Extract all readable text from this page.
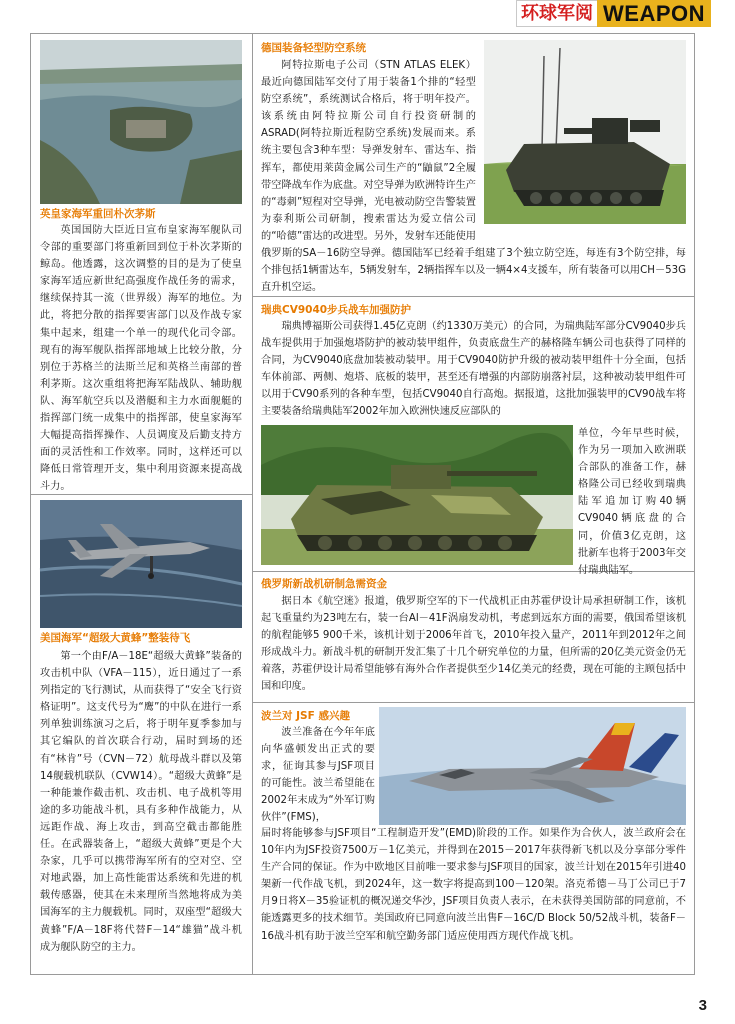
环球军阅 WEAPON
英皇家海军重回朴次茅斯

英国国防大臣近日宣布皇家海军舰队司令部的重要部门将重新回到位于朴次茅斯的鲸岛。他透露，这次调整的目的是为了使皇家海军适应新世纪高强度作战任务的需求，继续保持其一流（世界级）海军的地位。为此，将把分散的指挥要害部门以及作战专家集中起来，组建一个单一的现代化司令部。现有的海军舰队指挥部地域上比较分散，分别位于苏格兰的法斯兰尼和英格兰南部的普利茅斯。这次重组将把海军陆战队、辅助舰队、海军航空兵以及潜艇和主力水面舰艇的指挥部门统一成集中的指挥部，使皇家海军大幅提高指挥操作、人员调度及后勤支持方面的灵活性和工作效率。同时，这样还可以降低日常管理开支，集中利用资源来提高战斗力。

美国海军“超级大黄蜂”整装待飞

第一个由F/A－18E“超级大黄蜂”装备的攻击机中队（VFA－115），近日通过了一系列指定的飞行测试，从而获得了“安全飞行资格证明”。这支代号为“鹰”的中队在进行一系列单独训练演习之后，将于明年夏季参加与其它编队的首次联合行动，届时到场的还有“林肯”号（CVN－72）航母战斗群以及第14舰载机联队（CVW14）。“超级大黄蜂”是一种能兼作截击机、攻击机、电子战机等用途的多功能战斗机，具有多种作战能力，从远距作战、海上攻击，到高空截击都能胜任。在武器装备上，“超级大黄蜂”更是个大杂家，几乎可以携带海军所有的空对空、空对地武器，加上高性能雷达系统和先进的机载传感器，使其在未来理所当然地将成为美国海军的主力舰载机。同时，双座型“超级大黄蜂”F/A－18F将代替F－14“雄猫”战斗机成为舰队防空的主力。

德国装备轻型防空系统

阿特拉斯电子公司（STN ATLAS ELEK）最近向德国陆军交付了用于装备1个排的“轻型防空系统”，系统测试合格后，将于明年投产。该系统由阿特拉斯公司自行投资研制的ASRAD(阿特拉斯近程防空系统)发展而来。系统主要包含3种车型：导弹发射车、雷达车、指挥车，都使用莱茵金属公司生产的“鼬鼠”2全履带空降战车作为底盘。对空导弹为欧洲特许生产的“毒刺”短程对空导弹，光电被动防空告警装置为泰利斯公司研制，搜索雷达为爱立信公司的“哈德”雷达的改进型。另外，发射车还能使用俄罗斯的SA－16防空导弹。德国陆军已经着手组建了3个独立防空连，每连有3个防空排，每个排包括1辆雷达车，5辆发射车，2辆指挥车以及一辆4×4支援车，所有装备可以用CH－53G直升机空运。

瑞典CV9040步兵战车加强防护

瑞典博福斯公司获得1.45亿克朗（约1330万美元）的合同，为瑞典陆军部分CV9040步兵战车提供用于加强炮塔防护的被动装甲组件，负责底盘生产的赫格隆车辆公司也获得了同样的合同，为CV9040底盘加装被动装甲。用于CV9040防护升级的被动装甲组件十分全面，包括车体前部、两侧、炮塔、底板的装甲，甚至还有增强的内部防崩落衬层，这种被动装甲组件可以用于CV90系列的各种车型，包括CV9040自行高炮。据报道，这批加强装甲的CV90战车将主要装备给瑞典陆军2002年加入欧洲快速反应部队的

单位，今年早些时候，作为另一项加入欧洲联合部队的准备工作，赫格隆公司已经收到瑞典陆军追加订购40辆CV9040辆底盘的合同，价值3亿克朗，这批新车也将于2003年交付瑞典陆军。

俄罗斯新战机研制急需资金

据日本《航空迷》报道，俄罗斯空军的下一代战机正由苏霍伊设计局承担研制工作，该机起飞重量约为23吨左右，装一台Al－41F涡扇发动机，考虑到远东方面的需要，俄国希望该机的航程能够5 900千米，该机计划于2006年首飞，2010年投入量产，2011年到2012年之间形成战斗力。新战斗机的研制开发汇集了十几个研究单位的力量，但所需的20亿美元资金仍无着落，苏霍伊设计局希望能够有海外合作者提供至少14亿美元的经费，现在可能的主顾包括中国和印度。

波兰对 JSF 感兴趣

波兰准备在今年年底向华盛顿发出正式的要求，征询其参与JSF项目的可能性。波兰希望能在2002年末成为“外军订购伙伴”(FMS)，

届时将能够参与JSF项目“工程制造开发”(EMD)阶段的工作。如果作为合伙人，波兰政府会在10年内为JSF投资7500万－1亿美元，并得到在2015－2017年获得新飞机以及分享部分零件生产合同的保证。作为中欧地区目前唯一要求参与JSF项目的国家，波兰计划在2015年引进40架新一代作战飞机，到2024年，这一数字将提高到100－120架。洛克希德－马丁公司已于7月9日将X－35验证机的概况递交华沙，JSF项目负责人表示，在未获得美国防部的同意前，不能透露更多的技术细节。美国政府已同意向波兰出售F－16C/D Block 50/52战斗机，装备F－16战斗机有助于波兰空军和航空勤务部门适应使用西方现代作战飞机。

3
